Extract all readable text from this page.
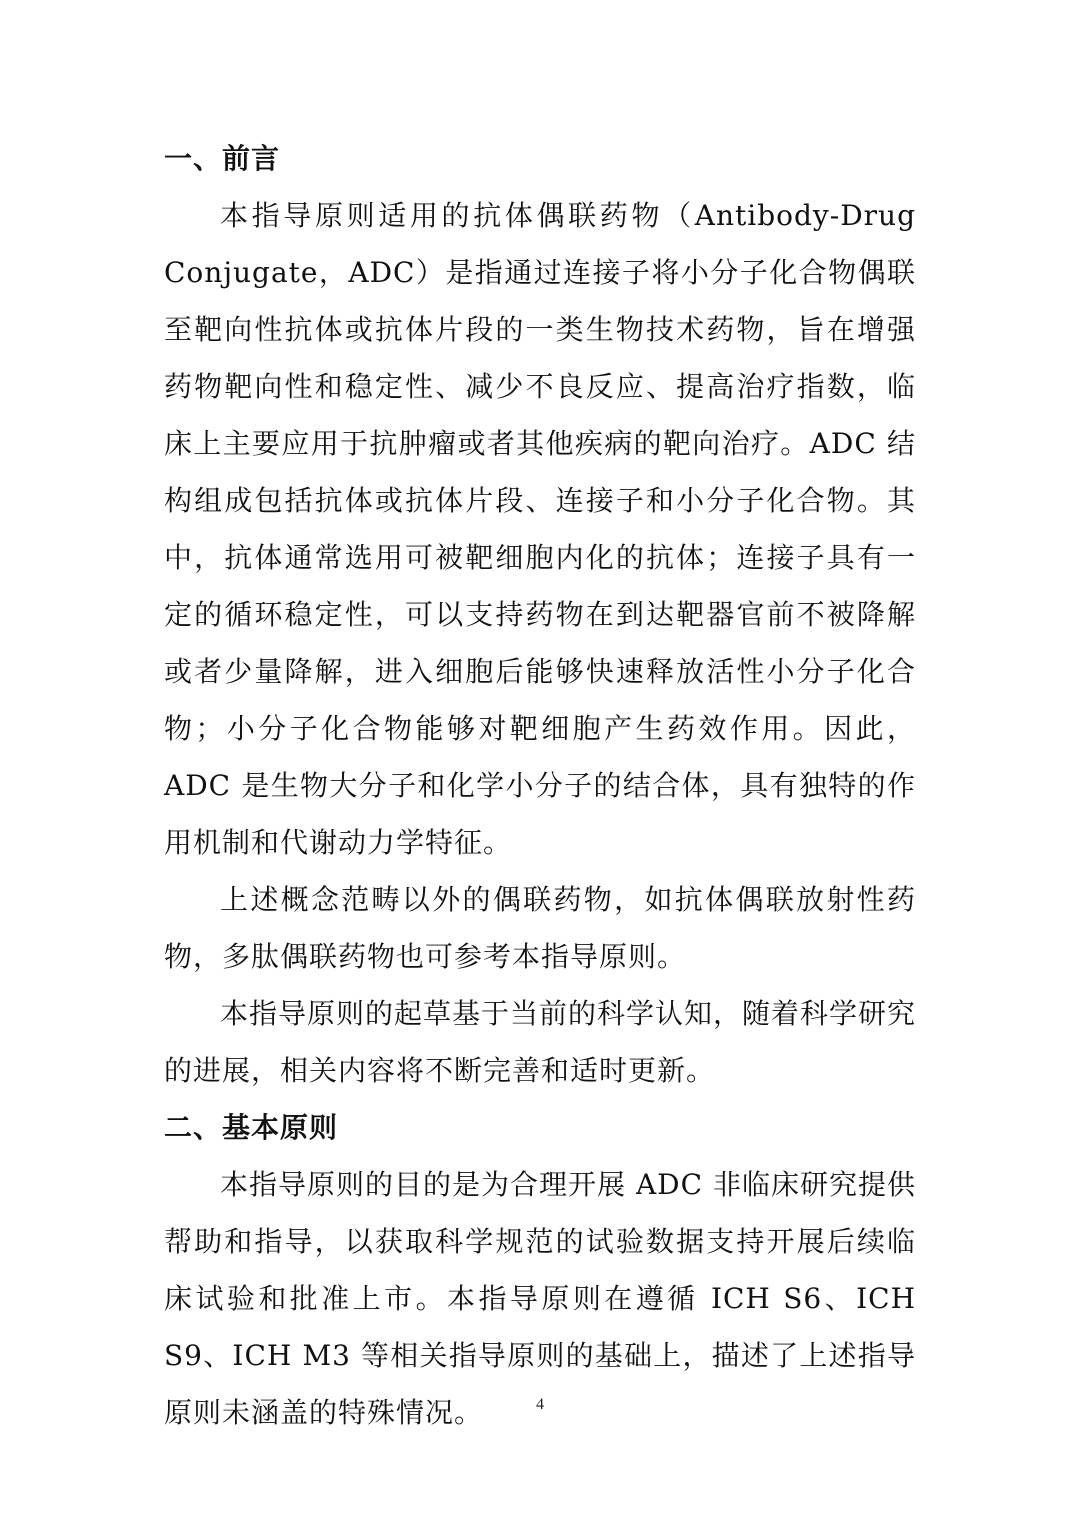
一、前言

本指导原则适用的抗体偶联药物（Antibody-Drug Conjugate，ADC）是指通过连接子将小分子化合物偶联至靶向性抗体或抗体片段的一类生物技术药物，旨在增强药物靶向性和稳定性、减少不良反应、提高治疗指数，临床上主要应用于抗肿瘤或者其他疾病的靶向治疗。ADC 结构组成包括抗体或抗体片段、连接子和小分子化合物。其中，抗体通常选用可被靶细胞内化的抗体；连接子具有一定的循环稳定性，可以支持药物在到达靶器官前不被降解或者少量降解，进入细胞后能够快速释放活性小分子化合物；小分子化合物能够对靶细胞产生药效作用。因此，ADC 是生物大分子和化学小分子的结合体，具有独特的作用机制和代谢动力学特征。

上述概念范畴以外的偶联药物，如抗体偶联放射性药物，多肽偶联药物也可参考本指导原则。

本指导原则的起草基于当前的科学认知，随着科学研究的进展，相关内容将不断完善和适时更新。

二、基本原则

本指导原则的目的是为合理开展 ADC 非临床研究提供帮助和指导，以获取科学规范的试验数据支持开展后续临床试验和批准上市。本指导原则在遵循 ICH S6、ICH S9、ICH M3 等相关指导原则的基础上，描述了上述指导原则未涵盖的特殊情况。	4
